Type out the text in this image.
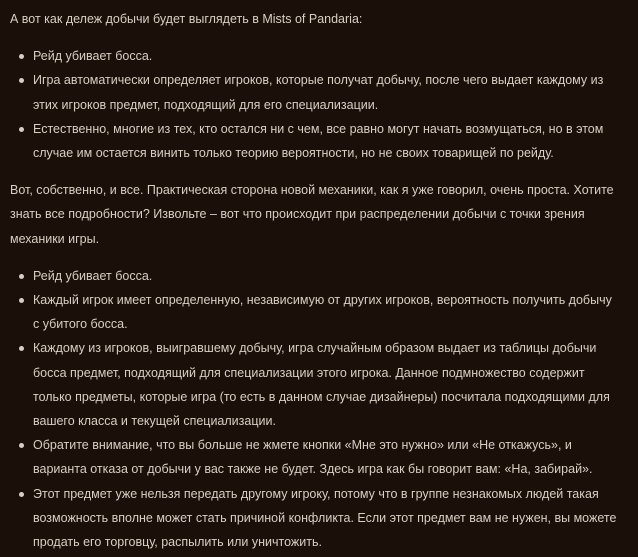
А вот как дележ добычи будет выглядеть в Mists of Pandaria:

Рейд убивает босса.
Игра автоматически определяет игроков, которые получат добычу, после чего выдает каждому из этих игроков предмет, подходящий для его специализации.
Естественно, многие из тех, кто остался ни с чем, все равно могут начать возмущаться, но в этом случае им остается винить только теорию вероятности, но не своих товарищей по рейду.

Вот, собственно, и все. Практическая сторона новой механики, как я уже говорил, очень проста. Хотите знать все подробности? Извольте – вот что происходит при распределении добычи с точки зрения механики игры.

Рейд убивает босса.
Каждый игрок имеет определенную, независимую от других игроков, вероятность получить добычу с убитого босса.
Каждому из игроков, выигравшему добычу, игра случайным образом выдает из таблицы добычи босса предмет, подходящий для специализации этого игрока. Данное подмножество содержит только предметы, которые игра (то есть в данном случае дизайнеры) посчитала подходящими для вашего класса и текущей специализации.
Обратите внимание, что вы больше не жмете кнопки «Мне это нужно» или «Не откажусь», и варианта отказа от добычи у вас также не будет. Здесь игра как бы говорит вам: «На, забирай».
Этот предмет уже нельзя передать другому игроку, потому что в группе незнакомых людей такая возможность вполне может стать причиной конфликта. Если этот предмет вам не нужен, вы можете продать его торговцу, распылить или уничтожить.
